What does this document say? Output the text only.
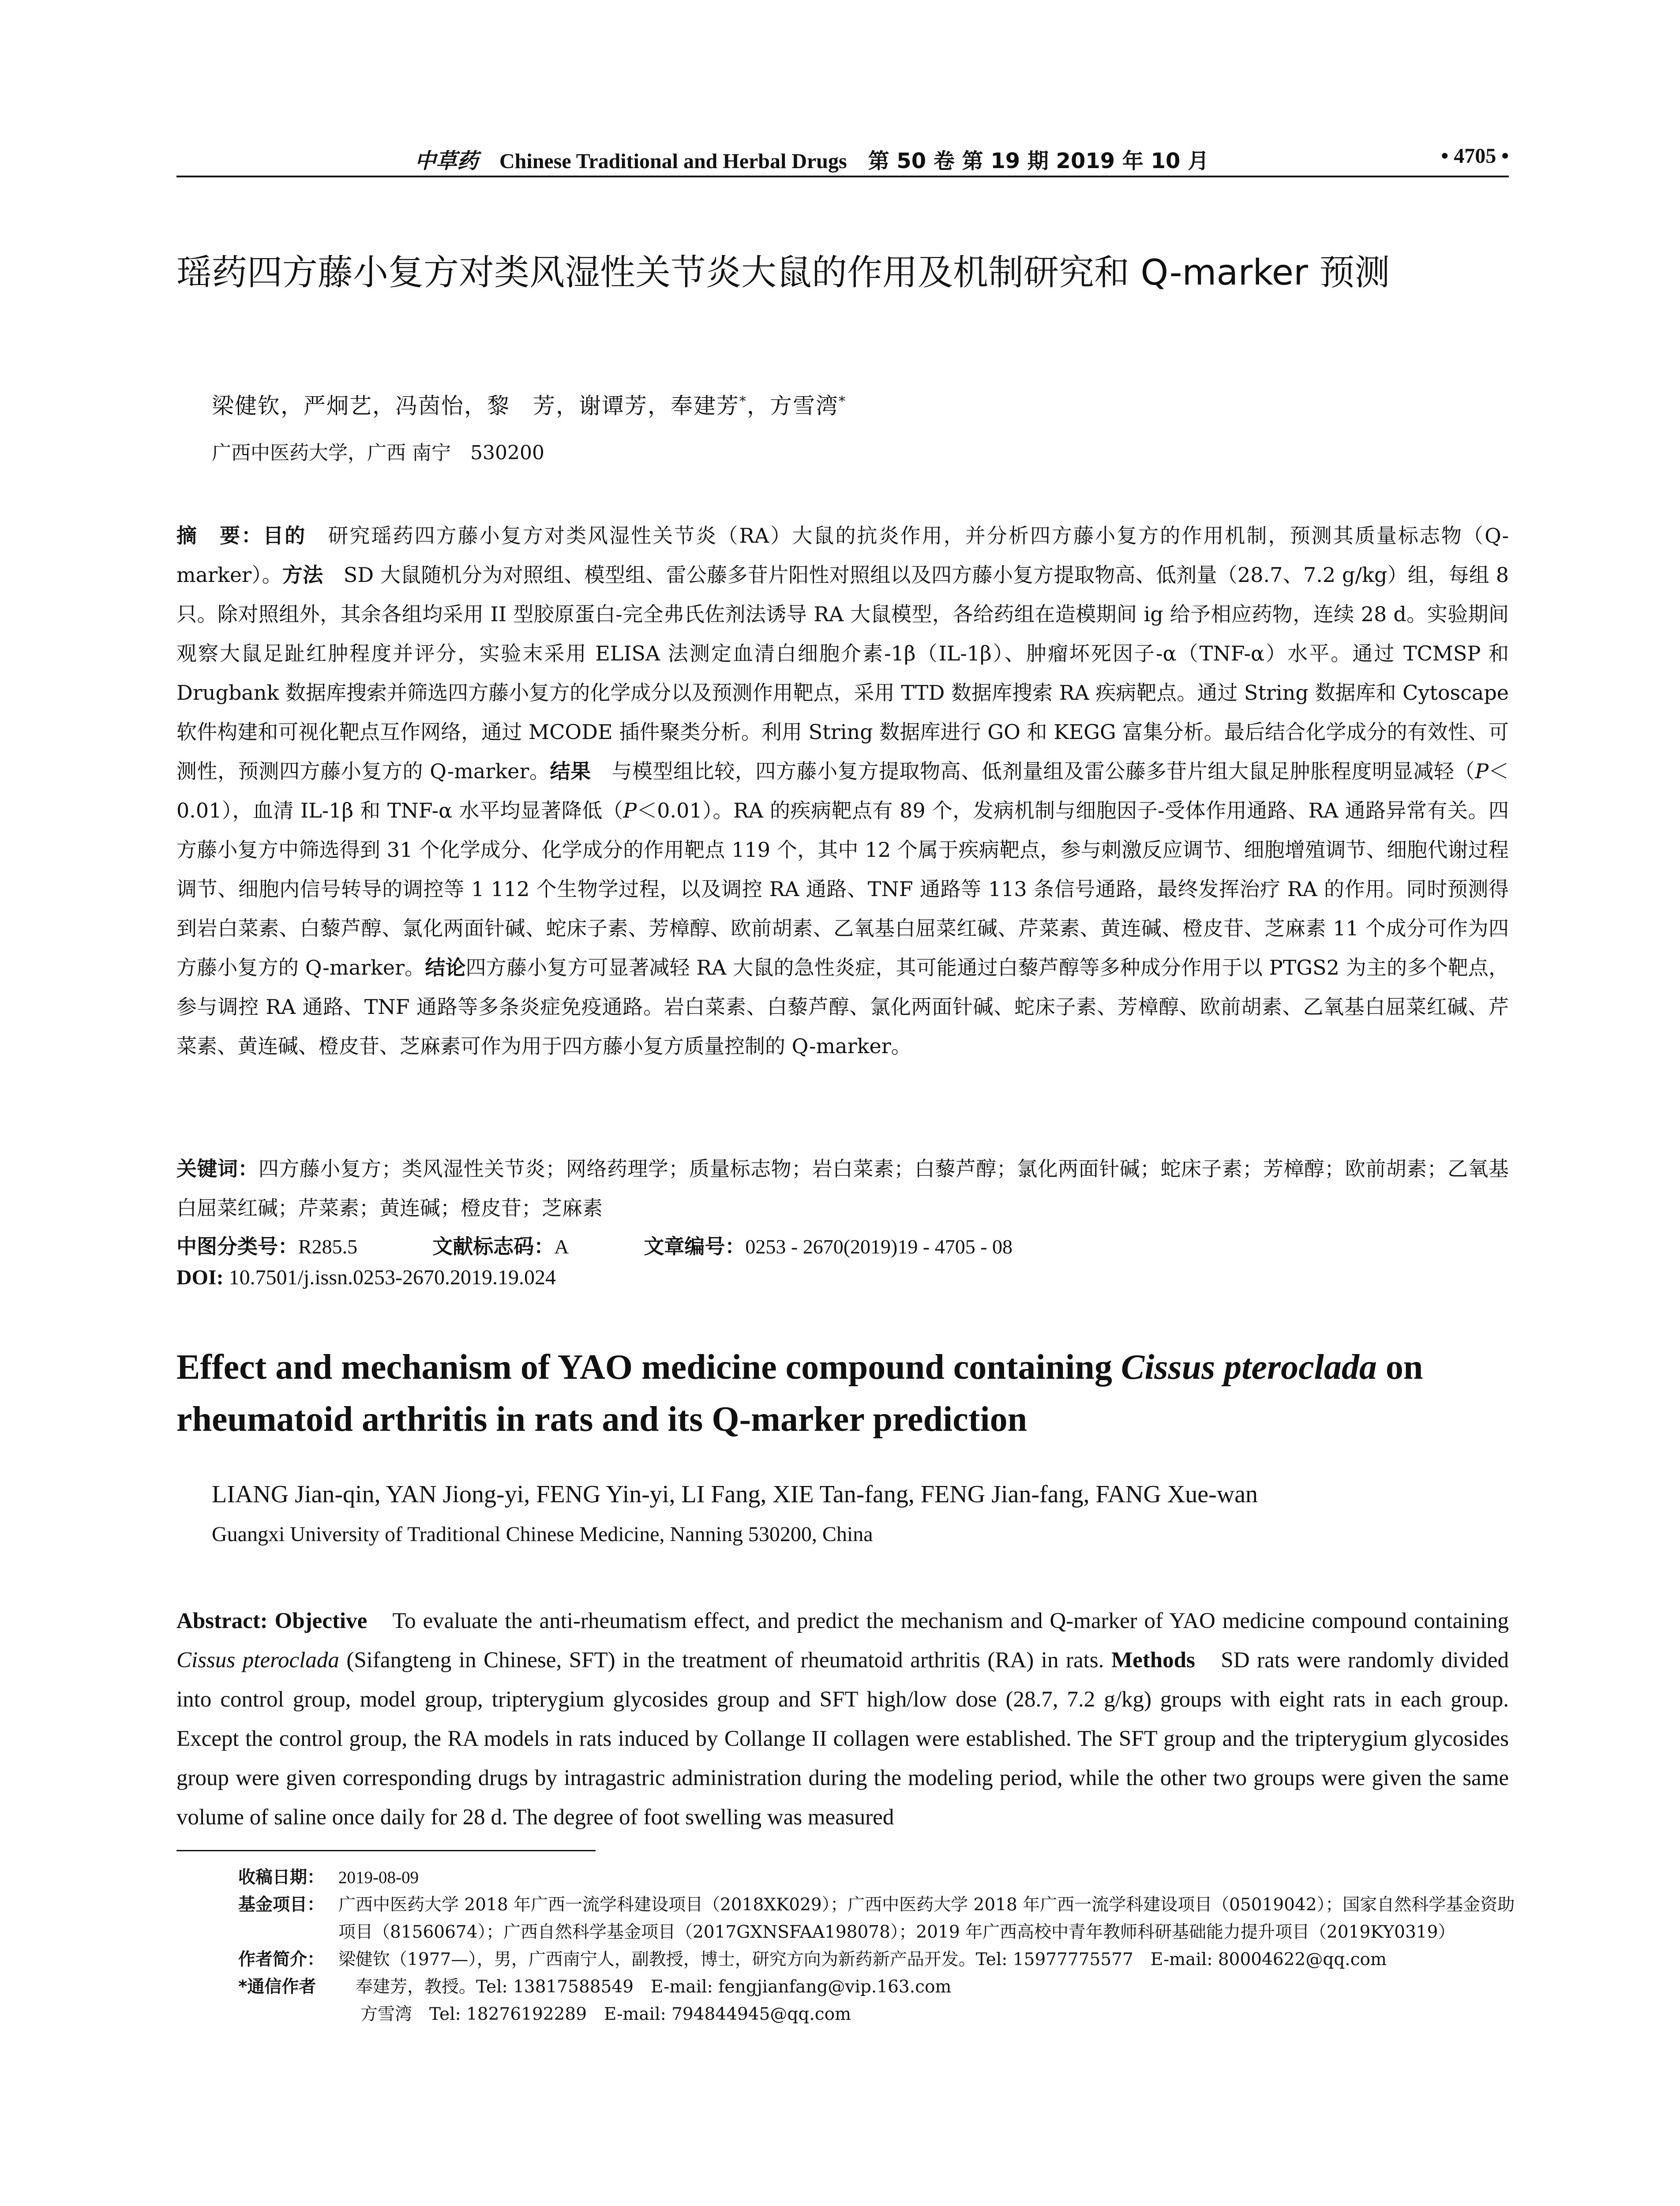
中草药 Chinese Traditional and Herbal Drugs 第 50 卷 第 19 期 2019 年 10 月	• 4705 •
瑶药四方藤小复方对类风湿性关节炎大鼠的作用及机制研究和 Q-marker 预测
梁健钦，严炯艺，冯茵怡，黎　芳，谢谭芳，奉建芳*，方雪湾*
广西中医药大学，广西 南宁　530200
摘　要：目的　研究瑶药四方藤小复方对类风湿性关节炎（RA）大鼠的抗炎作用，并分析四方藤小复方的作用机制，预测其质量标志物（Q-marker）。方法　SD 大鼠随机分为对照组、模型组、雷公藤多苷片阳性对照组以及四方藤小复方提取物高、低剂量（28.7、7.2 g/kg）组，每组 8 只。除对照组外，其余各组均采用 II 型胶原蛋白-完全弗氏佐剂法诱导 RA 大鼠模型，各给药组在造模期间 ig 给予相应药物，连续 28 d。实验期间观察大鼠足趾红肿程度并评分，实验末采用 ELISA 法测定血清白细胞介素-1β（IL-1β）、肿瘤坏死因子-α（TNF-α）水平。通过 TCMSP 和 Drugbank 数据库搜索并筛选四方藤小复方的化学成分以及预测作用靶点，采用 TTD 数据库搜索 RA 疾病靶点。通过 String 数据库和 Cytoscape 软件构建和可视化靶点互作网络，通过 MCODE 插件聚类分析。利用 String 数据库进行 GO 和 KEGG 富集分析。最后结合化学成分的有效性、可测性，预测四方藤小复方的 Q-marker。结果　与模型组比较，四方藤小复方提取物高、低剂量组及雷公藤多苷片组大鼠足肿胀程度明显减轻（P＜0.01），血清 IL-1β 和 TNF-α 水平均显著降低（P＜0.01）。RA 的疾病靶点有 89 个，发病机制与细胞因子-受体作用通路、RA 通路异常有关。四方藤小复方中筛选得到 31 个化学成分、化学成分的作用靶点 119 个，其中 12 个属于疾病靶点，参与刺激反应调节、细胞增殖调节、细胞代谢过程调节、细胞内信号转导的调控等 1 112 个生物学过程，以及调控 RA 通路、TNF 通路等 113 条信号通路，最终发挥治疗 RA 的作用。同时预测得到岩白菜素、白藜芦醇、氯化两面针碱、蛇床子素、芳樟醇、欧前胡素、乙氧基白屈菜红碱、芹菜素、黄连碱、橙皮苷、芝麻素 11 个成分可作为四方藤小复方的 Q-marker。结论四方藤小复方可显著减轻 RA 大鼠的急性炎症，其可能通过白藜芦醇等多种成分作用于以 PTGS2 为主的多个靶点，参与调控 RA 通路、TNF 通路等多条炎症免疫通路。岩白菜素、白藜芦醇、氯化两面针碱、蛇床子素、芳樟醇、欧前胡素、乙氧基白屈菜红碱、芹菜素、黄连碱、橙皮苷、芝麻素可作为用于四方藤小复方质量控制的 Q-marker。
关键词：四方藤小复方；类风湿性关节炎；网络药理学；质量标志物；岩白菜素；白藜芦醇；氯化两面针碱；蛇床子素；芳樟醇；欧前胡素；乙氧基白屈菜红碱；芹菜素；黄连碱；橙皮苷；芝麻素
中图分类号：R285.5	文献标志码：A	文章编号：0253 - 2670(2019)19 - 4705 - 08
DOI: 10.7501/j.issn.0253-2670.2019.19.024
Effect and mechanism of YAO medicine compound containing Cissus pteroclada on rheumatoid arthritis in rats and its Q-marker prediction
LIANG Jian-qin, YAN Jiong-yi, FENG Yin-yi, LI Fang, XIE Tan-fang, FENG Jian-fang, FANG Xue-wan
Guangxi University of Traditional Chinese Medicine, Nanning 530200, China
Abstract: Objective　To evaluate the anti-rheumatism effect, and predict the mechanism and Q-marker of YAO medicine compound containing Cissus pteroclada (Sifangteng in Chinese, SFT) in the treatment of rheumatoid arthritis (RA) in rats. Methods　SD rats were randomly divided into control group, model group, tripterygium glycosides group and SFT high/low dose (28.7, 7.2 g/kg) groups with eight rats in each group. Except the control group, the RA models in rats induced by Collange II collagen were established. The SFT group and the tripterygium glycosides group were given corresponding drugs by intragastric administration during the modeling period, while the other two groups were given the same volume of saline once daily for 28 d. The degree of foot swelling was measured
收稿日期： 2019-08-09
基金项目： 广西中医药大学 2018 年广西一流学科建设项目（2018XK029）；广西中医药大学 2018 年广西一流学科建设项目（05019042）；国家自然科学基金资助项目（81560674）；广西自然科学基金项目（2017GXNSFAA198078）；2019 年广西高校中青年教师科研基础能力提升项目（2019KY0319）
作者简介： 梁健钦（1977—），男，广西南宁人，副教授，博士，研究方向为新药新产品开发。Tel: 15977775577　E-mail: 80004622@qq.com
*通信作者	　奉建芳，教授。Tel: 13817588549　E-mail: fengjianfang@vip.163.com
方雪湾　Tel: 18276192289　E-mail: 794844945@qq.com
